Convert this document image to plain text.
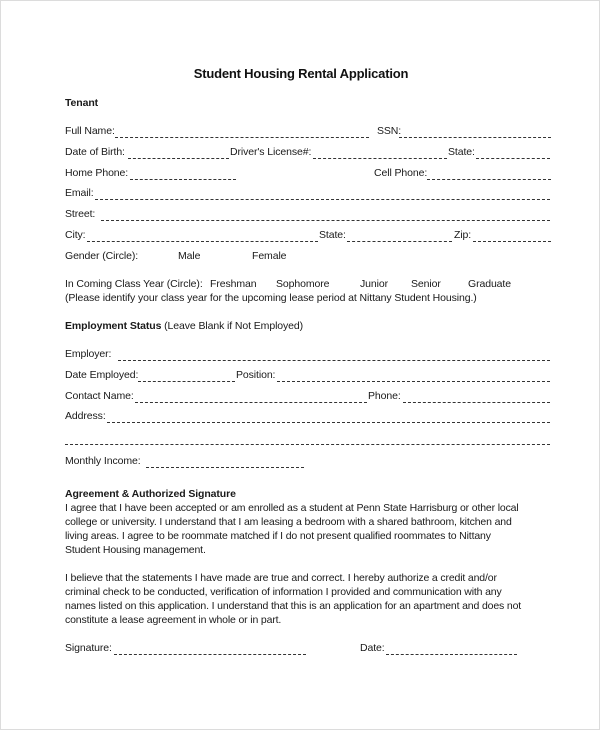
Student Housing Rental Application
Tenant
Full Name:	SSN:
Date of Birth:	Driver's License#:	State:
Home Phone:	Cell Phone:
Email:
Street:
City:	State:	Zip:
Gender (Circle):	Male	Female
In Coming Class Year (Circle): Freshman Sophomore	Junior Senior	Graduate
(Please identify your class year for the upcoming lease period at Nittany Student Housing.)
Employment Status (Leave Blank if Not Employed)
Employer:
Date Employed:	Position:
Contact Name:	Phone:
Address:
Monthly Income:
Agreement & Authorized Signature

I agree that I have been accepted or am enrolled as a student at Penn State Harrisburg or other local

college or university. I understand that I am leasing a bedroom with a shared bathroom, kitchen and

living areas. I agree to be roommate matched if I do not present qualified roommates to Nittany

Student Housing management.

I believe that the statements I have made are true and correct. I hereby authorize a credit and/or

criminal check to be conducted, verification of information I provided and communication with any

names listed on this application. I understand that this is an application for an apartment and does not

constitute a lease agreement in whole or in part.

Signature:	Date:
